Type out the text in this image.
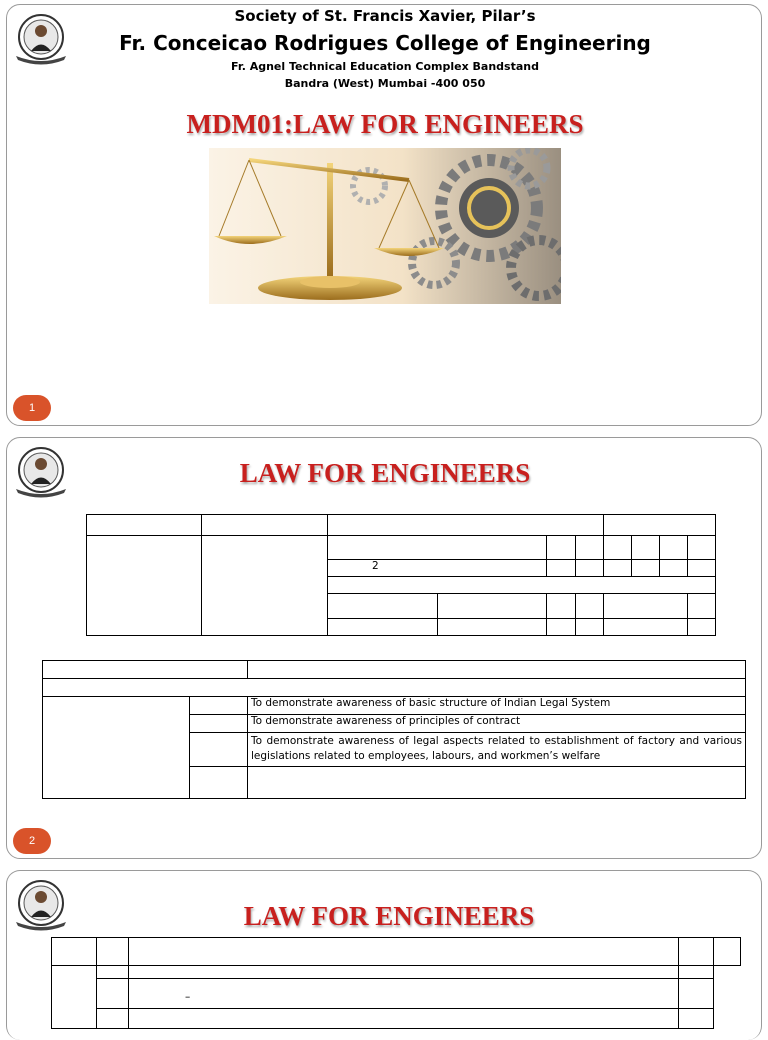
Society of St. Francis Xavier, Pilar’s
Fr. Conceicao Rodrigues College of Engineering
Fr. Agnel Technical Education Complex Bandstand
Bandra (West) Mumbai -400 050
MDM01:LAW FOR ENGINEERS
1
LAW FOR ENGINEERS

		2							

		To demonstrate awareness of basic structure of Indian Legal System
		To demonstrate awareness of principles of contract
		To demonstrate awareness of legal aspects related to establishment of factory and various legislations related to employees, labours, and workmen’s welfare

2
LAW FOR ENGINEERS

		–		
